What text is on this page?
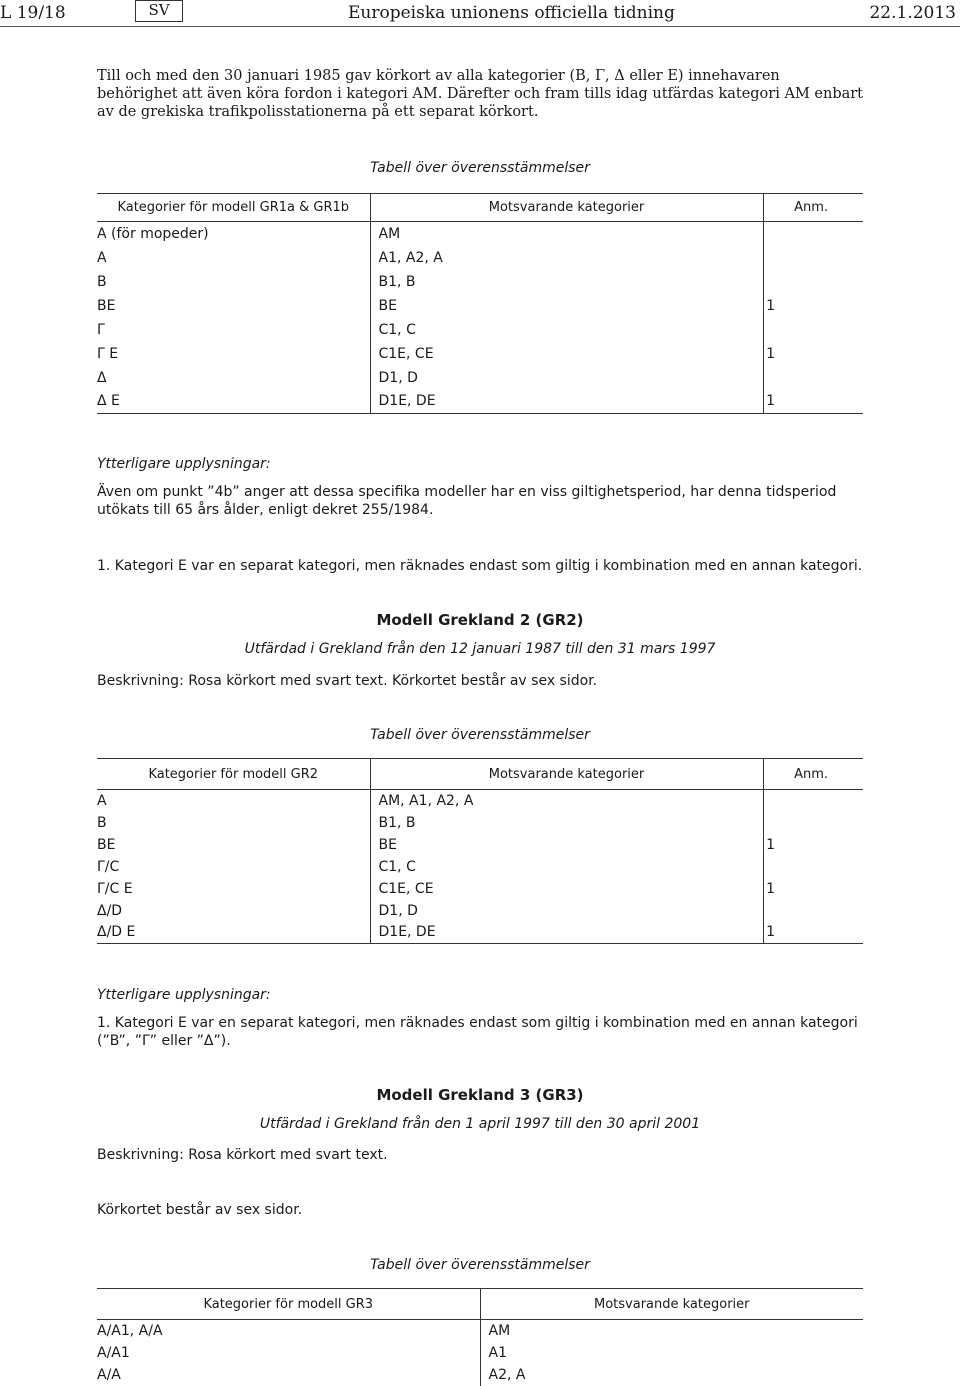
L 19/18	SV	Europeiska unionens officiella tidning	22.1.2013

Till och med den 30 januari 1985 gav körkort av alla kategorier (B, Γ, Δ eller E) innehavaren behörighet att även köra fordon i kategori AM. Därefter och fram tills idag utfärdas kategori AM enbart av de grekiska trafikpolisstationerna på ett separat körkort.

Tabell över överensstämmelser
Kategorier för modell GR1a & GR1b	Motsvarande kategorier	Anm.
A (för mopeder)	AM	
A	A1, A2, A	
B	B1, B	
BE	BE	1
Γ	C1, C	
Γ E	C1E, CE	1
Δ	D1, D	
Δ E	D1E, DE	1
Ytterligare upplysningar:

Även om punkt ”4b” anger att dessa specifika modeller har en viss giltighetsperiod, har denna tidsperiod utökats till 65 års ålder, enligt dekret 255/1984.

1. Kategori E var en separat kategori, men räknades endast som giltig i kombination med en annan kategori.

Modell Grekland 2 (GR2)
Utfärdad i Grekland från den 12 januari 1987 till den 31 mars 1997

Beskrivning: Rosa körkort med svart text. Körkortet består av sex sidor.

Tabell över överensstämmelser
Kategorier för modell GR2	Motsvarande kategorier	Anm.
A	AM, A1, A2, A	
B	B1, B	
BE	BE	1
Γ/C	C1, C	
Γ/C E	C1E, CE	1
Δ/D	D1, D	
Δ/D E	D1E, DE	1
Ytterligare upplysningar:

1. Kategori E var en separat kategori, men räknades endast som giltig i kombination med en annan kategori (”B”, ”Γ” eller ”Δ”).

Modell Grekland 3 (GR3)
Utfärdad i Grekland från den 1 april 1997 till den 30 april 2001

Beskrivning: Rosa körkort med svart text.

Körkortet består av sex sidor.

Tabell över överensstämmelser
Kategorier för modell GR3	Motsvarande kategorier
A/A1, A/A	AM
A/A1	A1
A/A	A2, A
